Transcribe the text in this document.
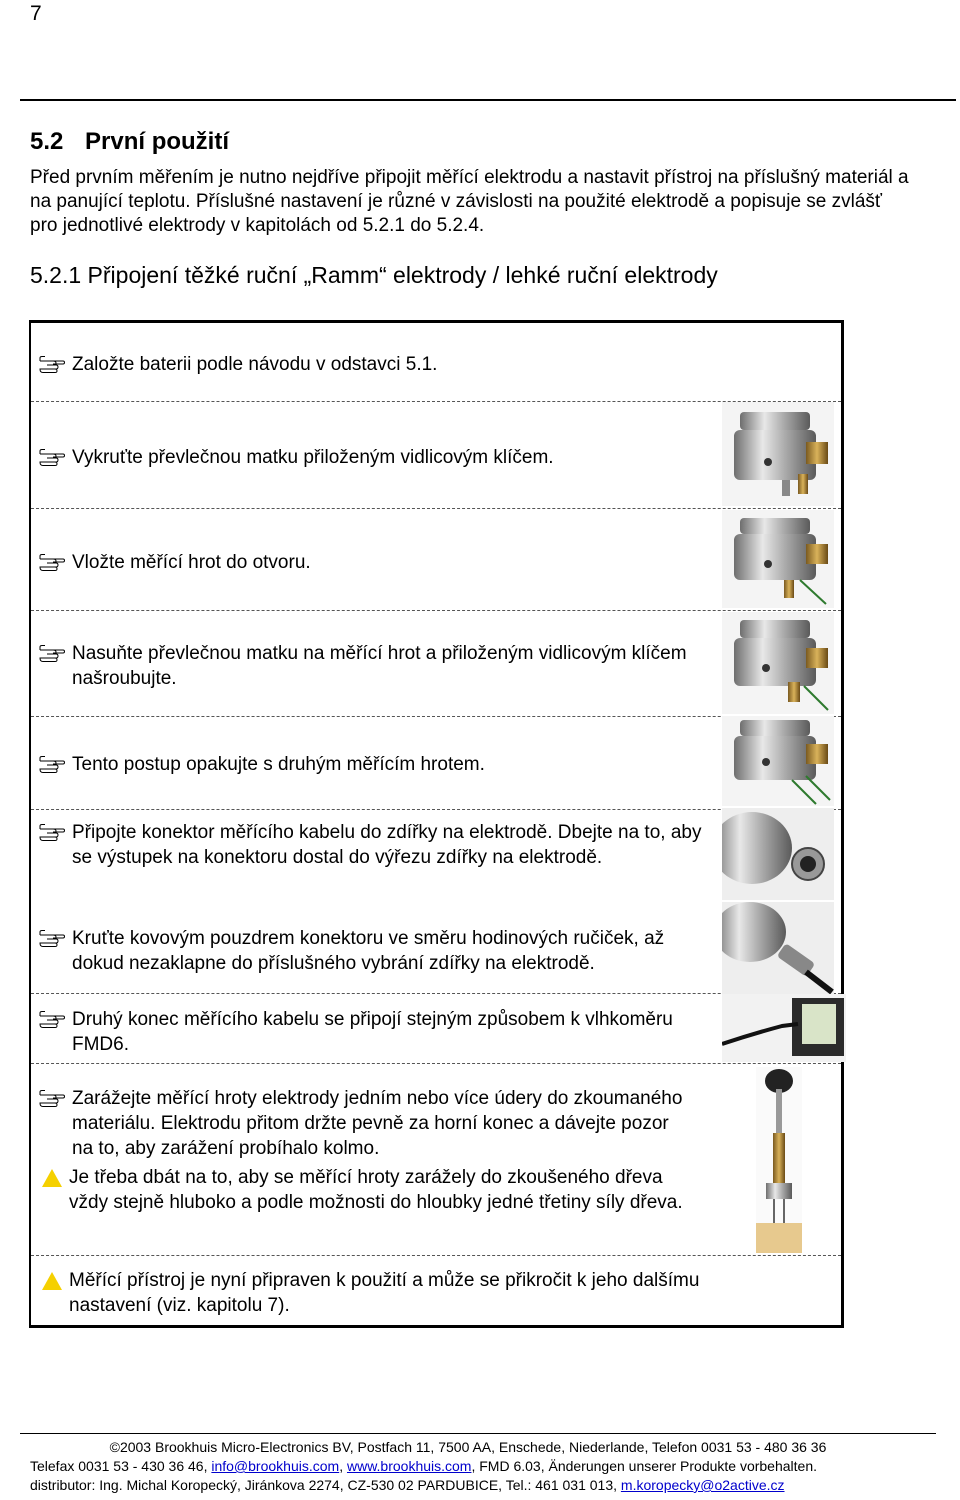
7
5.2 První použití
Před prvním měřením je nutno nejdříve připojit měřící elektrodu a nastavit přístroj na příslušný materiál a na panující teplotu. Příslušné nastavení je různé v závislosti na použité elektrodě a popisuje se zvlášť pro jednotlivé elektrody v kapitolách od 5.2.1 do 5.2.4.
5.2.1 Připojení těžké ruční „Ramm“ elektrody / lehké ruční elektrody
Založte baterii podle návodu v odstavci 5.1.
Vykruťte převlečnou matku přiloženým vidlicovým klíčem.
Vložte měřící hrot do otvoru.
Nasuňte převlečnou matku na měřící hrot a přiloženým vidlicovým klíčem našroubujte.
Tento postup opakujte s druhým měřícím hrotem.
Připojte konektor měřícího kabelu do zdířky na elektrodě. Dbejte na to, aby se výstupek na konektoru dostal do výřezu zdířky na elektrodě.
Kruťte kovovým pouzdrem konektoru ve směru hodinových ručiček, až dokud nezaklapne do příslušného vybrání zdířky na elektrodě.
Druhý konec měřícího kabelu se připojí stejným způsobem k vlhkoměru FMD6.
Zarážejte měřící hroty elektrody jedním nebo více údery do zkoumaného materiálu. Elektrodu přitom držte pevně za horní konec a dávejte pozor na to, aby zarážení probíhalo kolmo.
Je třeba dbát na to, aby se měřící hroty zarážely do zkoušeného dřeva vždy stejně hluboko a podle možnosti do hloubky jedné třetiny síly dřeva.
Měřící přístroj je nyní připraven k použití a může se přikročit k jeho dalšímu nastavení (viz. kapitolu 7).
©2003 Brookhuis Micro-Electronics BV, Postfach 11, 7500 AA, Enschede, Niederlande, Telefon 0031 53 - 480 36 36
Telefax 0031 53 - 430 36 46, info@brookhuis.com, www.brookhuis.com, FMD 6.03, Änderungen unserer Produkte vorbehalten.
distributor: Ing. Michal Koropecký, Jiránkova 2274, CZ-530 02 PARDUBICE, Tel.: 461 031 013, m.koropecky@o2active.cz
